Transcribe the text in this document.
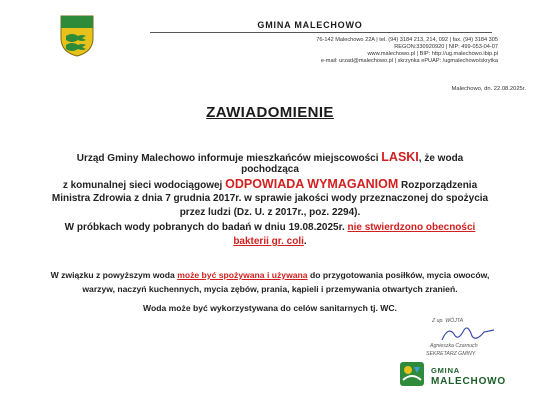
GMINA MALECHOWO
76-142 Malechowo 22A | tel. (94) 3184 213, 214, 092 | fax. (94) 3184 305
REGON:330920920 | NIP: 499-053-04-07
www.malechowo.pl | BIP: http://ug.malechowo.ibip.pl
e-mail: urzad@malechowo.pl | skrzynka ePUAP: /ugmalechowo/skrytka
Malechowo, dn. 22.08.2025r.
ZAWIADOMIENIE
Urząd Gminy Malechowo informuje mieszkańców miejscowości LASKI, że woda
pochodząca
z komunalnej sieci wodociągowej ODPOWIADA WYMAGANIOM Rozporządzenia
Ministra Zdrowia z dnia 7 grudnia 2017r. w sprawie jakości wody przeznaczonej do spożycia
przez ludzi (Dz. U. z 2017r., poz. 2294).
W próbkach wody pobranych do badań w dniu 19.08.2025r. nie stwierdzono obecności
bakterii gr. coli.
W związku z powyższym woda może być spożywana i używana do przygotowania posiłków, mycia owoców,
warzyw, naczyń kuchennych, mycia zębów, prania, kąpieli i przemywania otwartych zranień.
Woda może być wykorzystywana do celów sanitarnych tj. WC.
Z up. WÓJTA
Agnieszka Czarnuch
SEKRETARZ GMINY
GMINA
MALECHOWO
